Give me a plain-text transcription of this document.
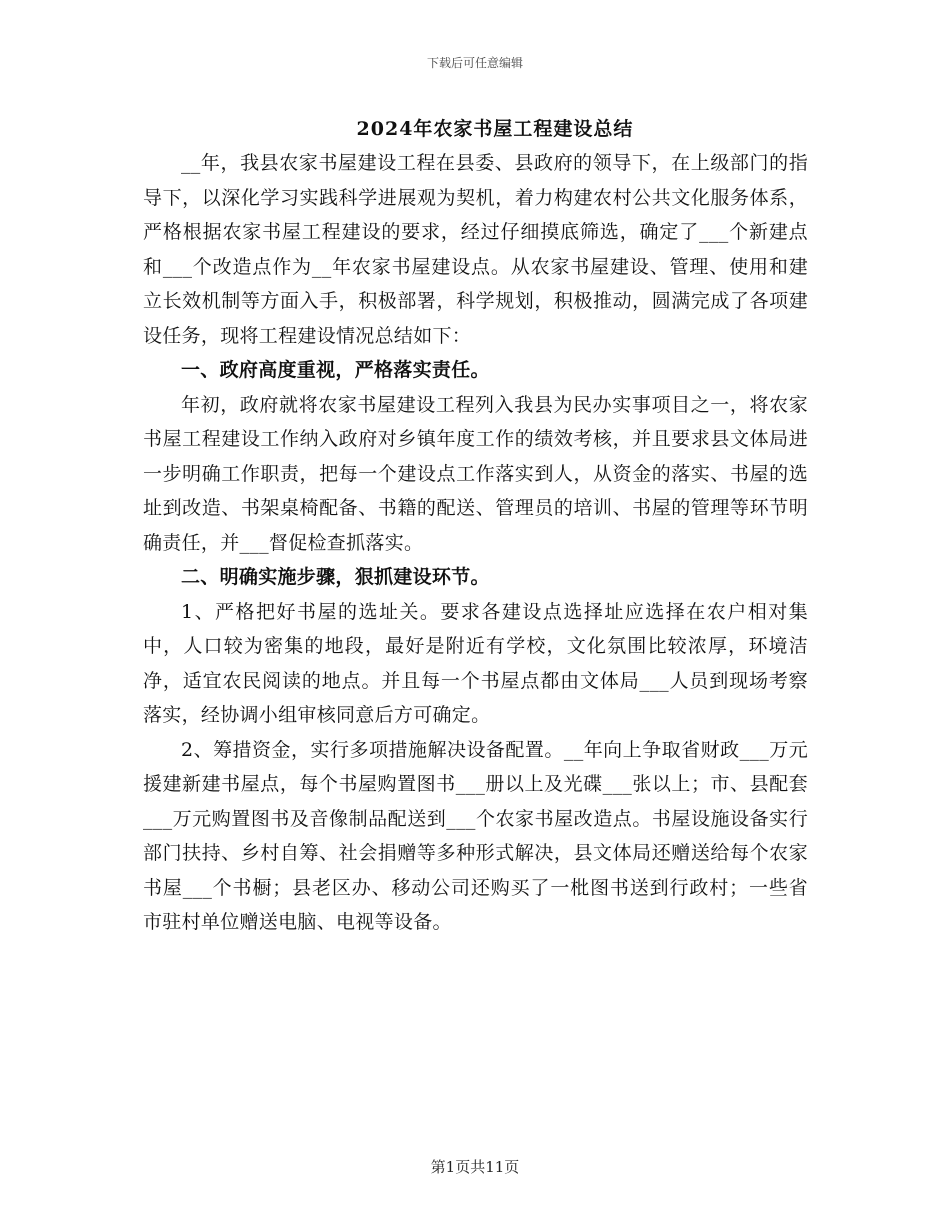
下载后可任意编辑
2024年农家书屋工程建设总结

__年，我县农家书屋建设工程在县委、县政府的领导下，在上级部门的指导下，以深化学习实践科学进展观为契机，着力构建农村公共文化服务体系，严格根据农家书屋工程建设的要求，经过仔细摸底筛选，确定了___个新建点和___个改造点作为__年农家书屋建设点。从农家书屋建设、管理、使用和建立长效机制等方面入手，积极部署，科学规划，积极推动，圆满完成了各项建设任务，现将工程建设情况总结如下：

一、政府高度重视，严格落实责任。

年初，政府就将农家书屋建设工程列入我县为民办实事项目之一，将农家书屋工程建设工作纳入政府对乡镇年度工作的绩效考核，并且要求县文体局进一步明确工作职责，把每一个建设点工作落实到人，从资金的落实、书屋的选址到改造、书架桌椅配备、书籍的配送、管理员的培训、书屋的管理等环节明确责任，并___督促检查抓落实。

二、明确实施步骤，狠抓建设环节。

1、严格把好书屋的选址关。要求各建设点选择址应选择在农户相对集中，人口较为密集的地段，最好是附近有学校，文化氛围比较浓厚，环境洁净，适宜农民阅读的地点。并且每一个书屋点都由文体局___人员到现场考察落实，经协调小组审核同意后方可确定。

2、筹措资金，实行多项措施解决设备配置。__年向上争取省财政___万元援建新建书屋点，每个书屋购置图书___册以上及光碟___张以上；市、县配套___万元购置图书及音像制品配送到___个农家书屋改造点。书屋设施设备实行部门扶持、乡村自筹、社会捐赠等多种形式解决，县文体局还赠送给每个农家书屋___个书橱；县老区办、移动公司还购买了一枇图书送到行政村；一些省市驻村单位赠送电脑、电视等设备。

第1页共11页
